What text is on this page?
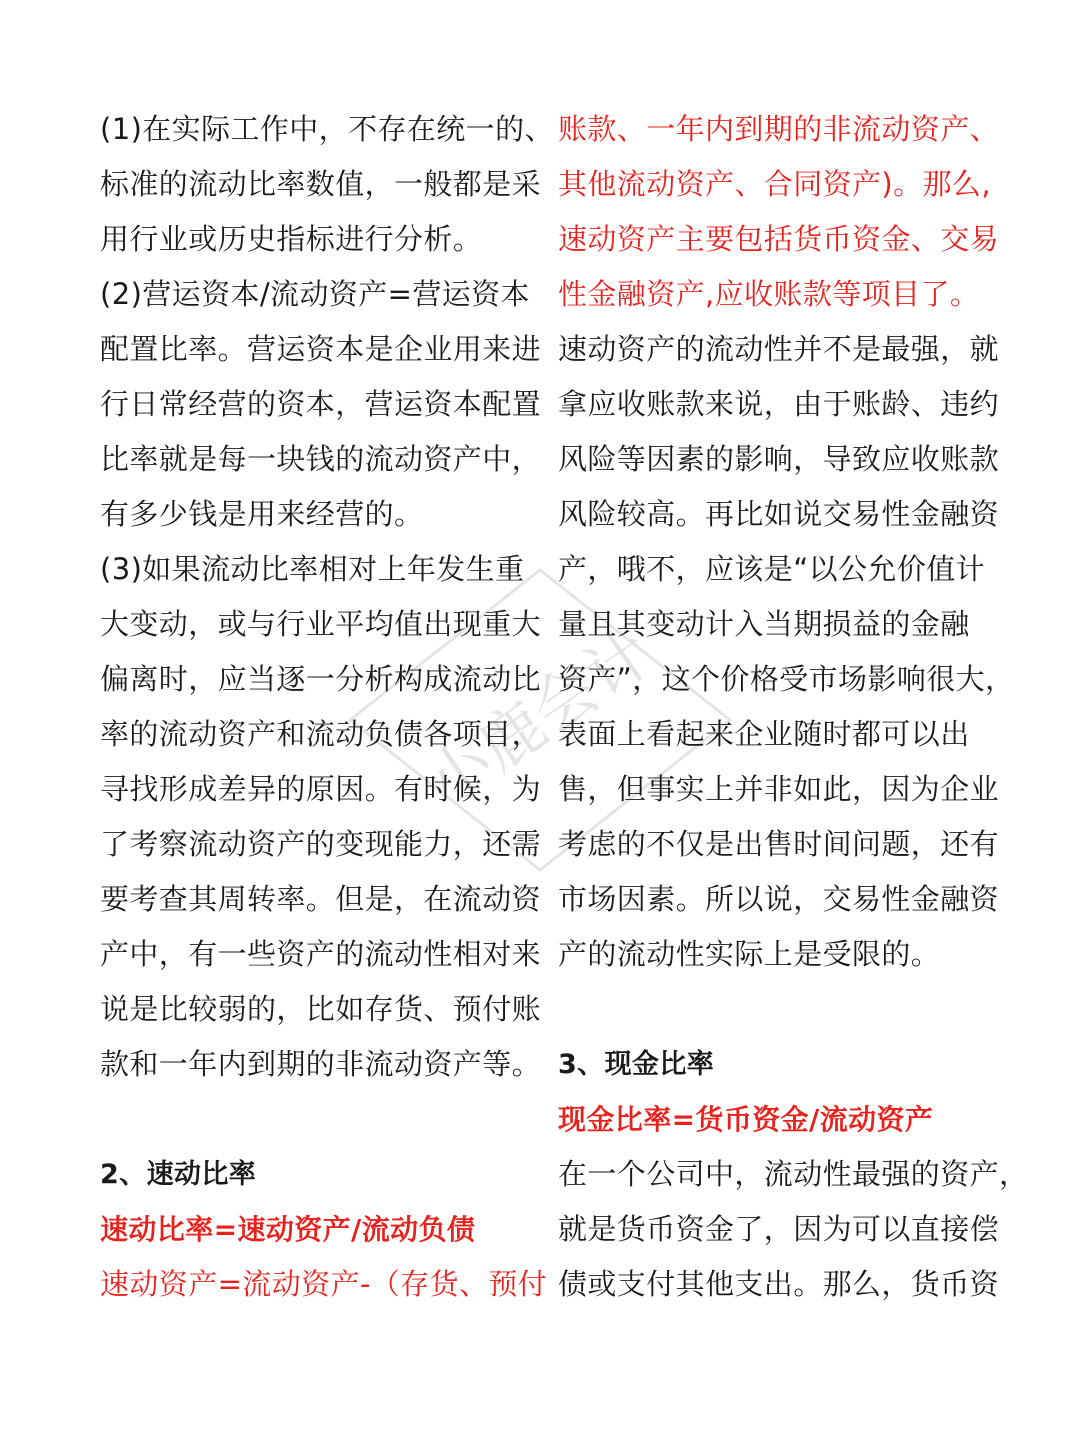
(1)在实际工作中，不存在统一的、
标准的流动比率数值，一般都是采
用行业或历史指标进行分析。
(2)营运资本/流动资产=营运资本
配置比率。营运资本是企业用来进
行日常经营的资本，营运资本配置
比率就是每一块钱的流动资产中，
有多少钱是用来经营的。
(3)如果流动比率相对上年发生重
大变动，或与行业平均值出现重大
偏离时，应当逐一分析构成流动比
率的流动资产和流动负债各项目，
寻找形成差异的原因。有时候，为
了考察流动资产的变现能力，还需
要考查其周转率。但是，在流动资
产中，有一些资产的流动性相对来
说是比较弱的，比如存货、预付账
款和一年内到期的非流动资产等。
2、速动比率
速动比率=速动资产/流动负债
速动资产=流动资产-（存货、预付
账款、一年内到期的非流动资产、
其他流动资产、合同资产)。那么,
速动资产主要包括货币资金、交易
性金融资产,应收账款等项目了。
速动资产的流动性并不是最强，就
拿应收账款来说，由于账龄、违约
风险等因素的影响，导致应收账款
风险较高。再比如说交易性金融资
产，哦不，应该是“以公允价值计
量且其变动计入当期损益的金融
资产”，这个价格受市场影响很大，
表面上看起来企业随时都可以出
售，但事实上并非如此，因为企业
考虑的不仅是出售时间问题，还有
市场因素。所以说，交易性金融资
产的流动性实际上是受限的。
3、现金比率
现金比率=货币资金/流动资产
在一个公司中，流动性最强的资产，
就是货币资金了，因为可以直接偿
债或支付其他支出。那么，货币资
小鹿会计
